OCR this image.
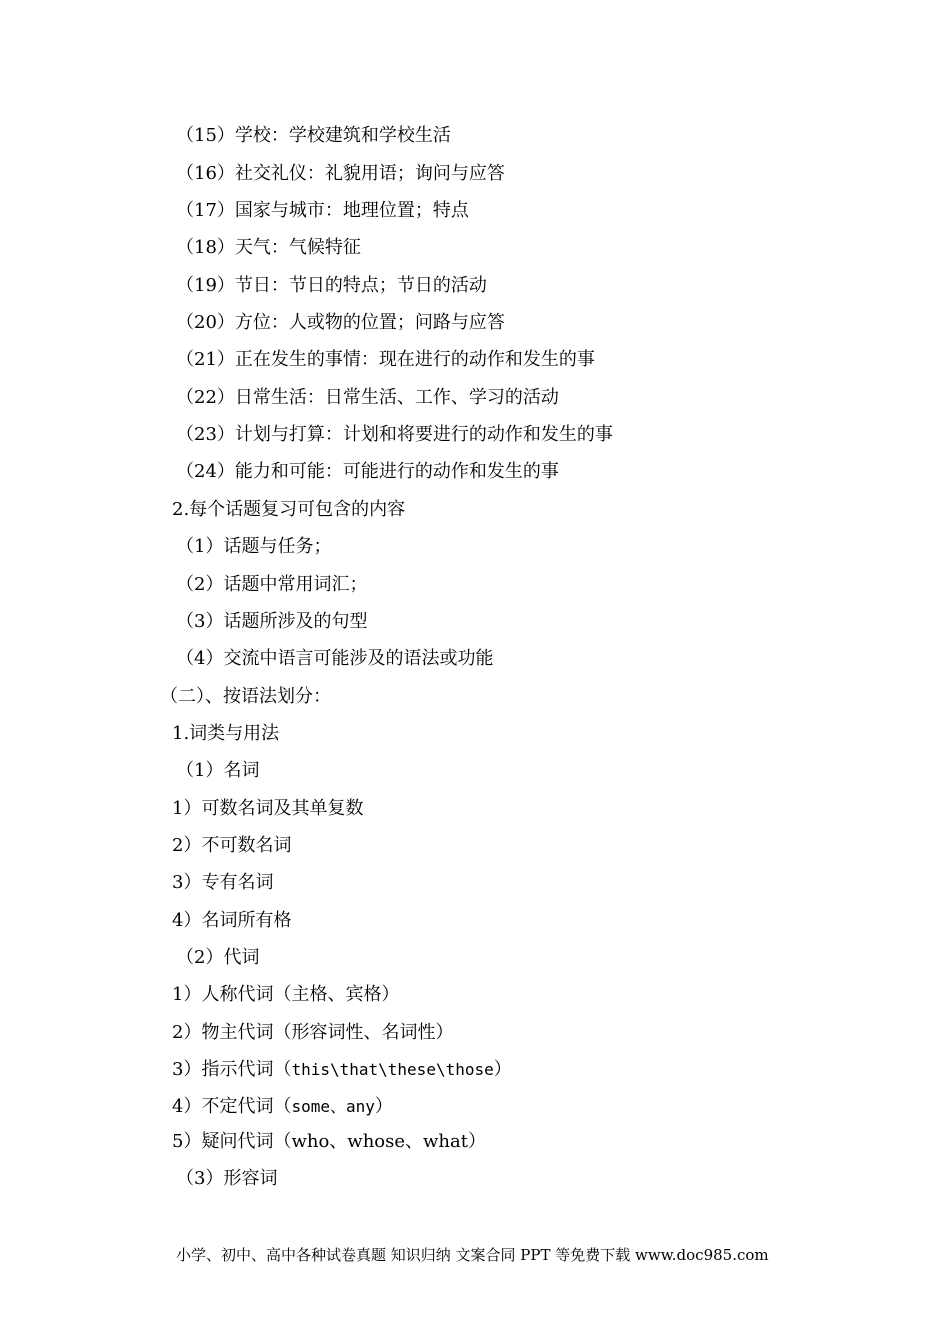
（15）学校：学校建筑和学校生活
（16）社交礼仪：礼貌用语；询问与应答
（17）国家与城市：地理位置；特点
（18）天气：气候特征
（19）节日：节日的特点；节日的活动
（20）方位：人或物的位置；问路与应答
（21）正在发生的事情：现在进行的动作和发生的事
（22）日常生活：日常生活、工作、学习的活动
（23）计划与打算：计划和将要进行的动作和发生的事
（24）能力和可能：可能进行的动作和发生的事
2.每个话题复习可包含的内容
（1）话题与任务；
（2）话题中常用词汇；
（3）话题所涉及的句型
（4）交流中语言可能涉及的语法或功能
（二）、按语法划分：
1.词类与用法
（1）名词
1）可数名词及其单复数
2）不可数名词
3）专有名词
4）名词所有格
（2）代词
1）人称代词（主格、宾格）
2）物主代词（形容词性、名词性）
3）指示代词（this\that\these\those）
4）不定代词（some、any）
5）疑问代词（who、whose、what）
（3）形容词
小学、初中、高中各种试卷真题 知识归纳 文案合同 PPT 等免费下载 www.doc985.com
